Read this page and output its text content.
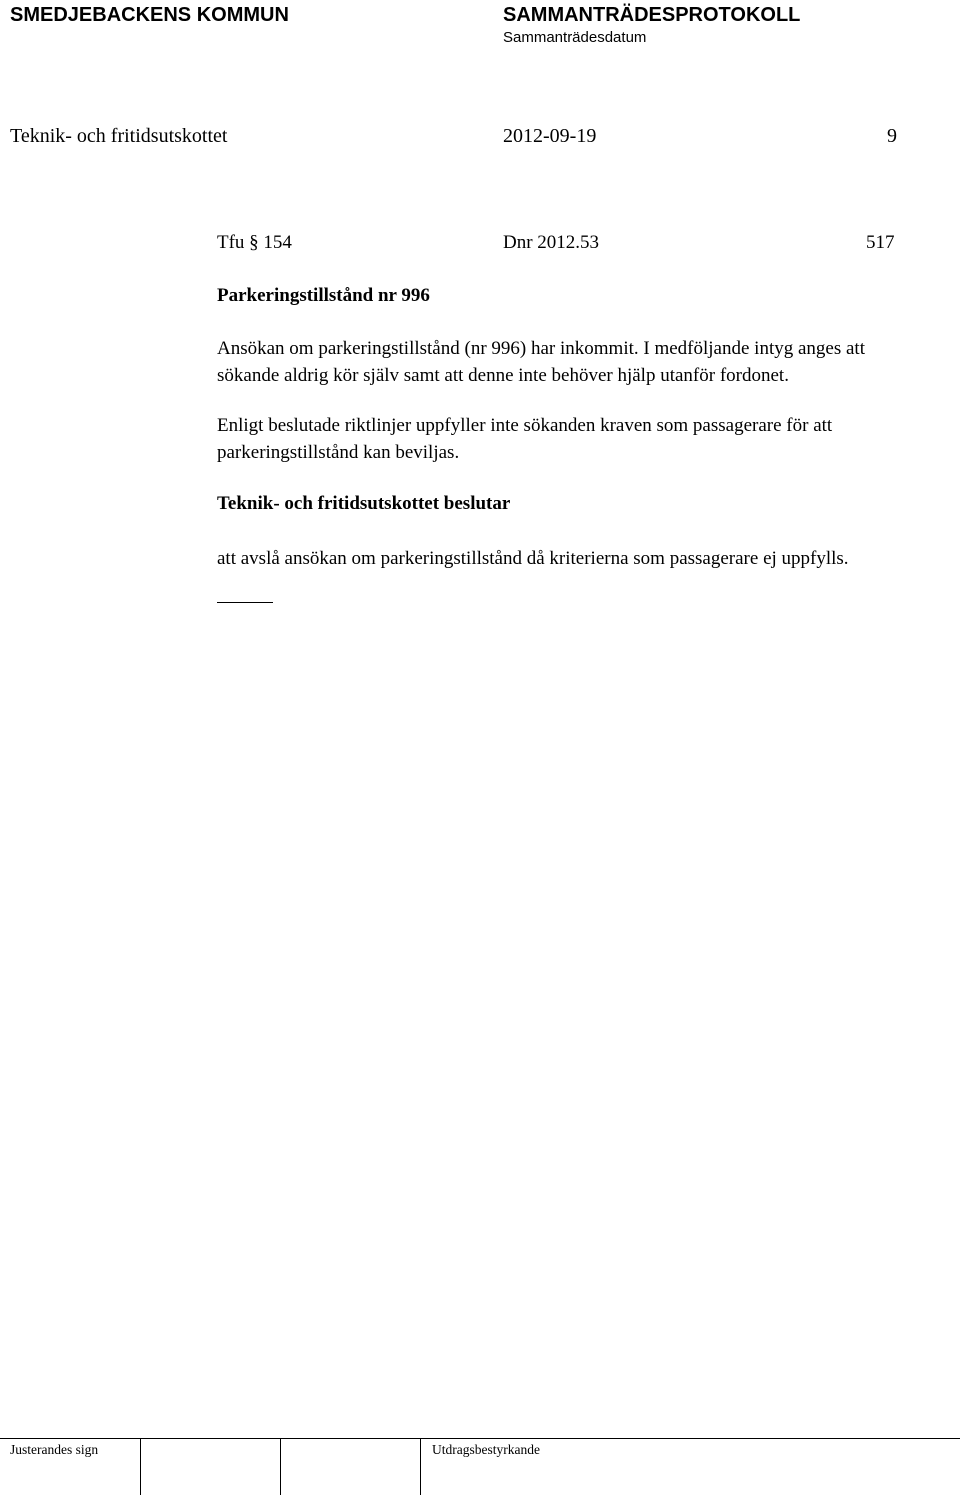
SMEDJEBACKENS KOMMUN	SAMMANTRÄDESPROTOKOLL
Sammanträdesdatum
Teknik- och fritidsutskottet	2012-09-19	9
Tfu § 154	Dnr 2012.53	517
Parkeringstillstånd nr 996
Ansökan om parkeringstillstånd (nr 996) har inkommit. I medföljande intyg anges att sökande aldrig kör själv samt att denne inte behöver hjälp utanför fordonet.
Enligt beslutade riktlinjer uppfyller inte sökanden kraven som passagerare för att parkeringstillstånd kan beviljas.
Teknik- och fritidsutskottet beslutar
att avslå ansökan om parkeringstillstånd då kriterierna som passagerare ej uppfylls.
Justerandes sign	Utdragsbestyrkande
